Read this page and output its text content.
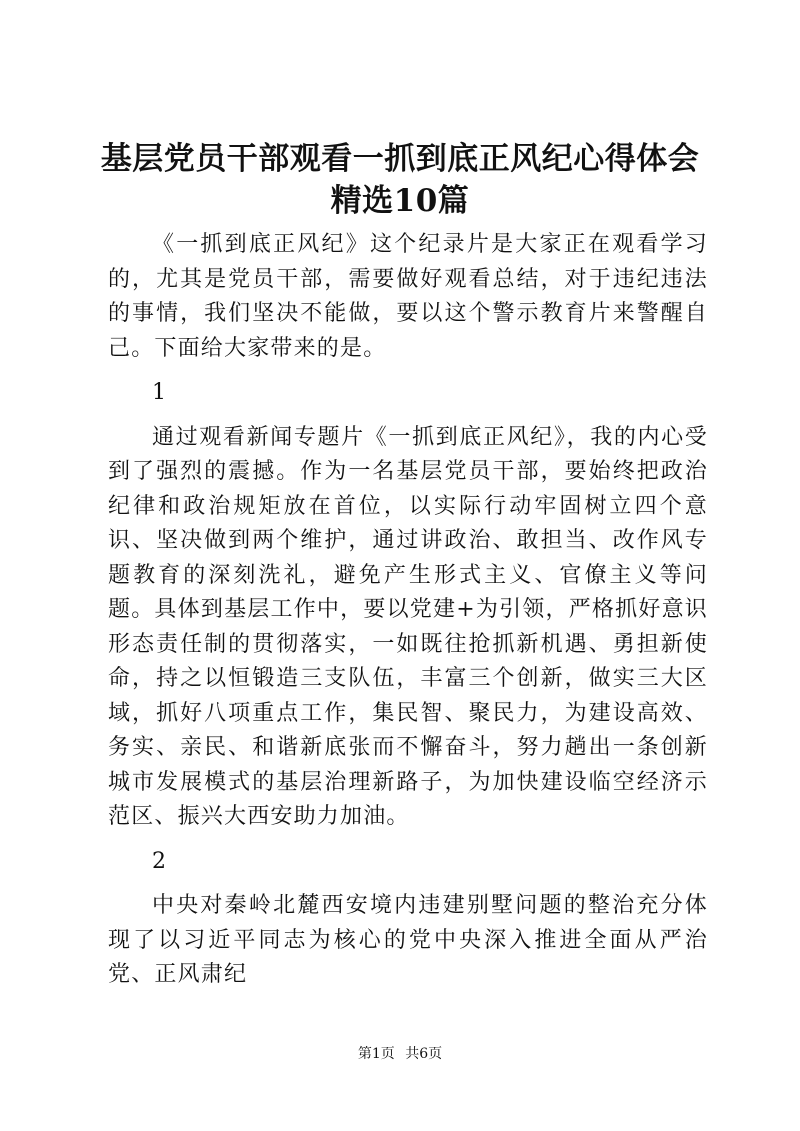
基层党员干部观看一抓到底正风纪心得体会精选10篇

《一抓到底正风纪》这个纪录片是大家正在观看学习的，尤其是党员干部，需要做好观看总结，对于违纪违法的事情，我们坚决不能做，要以这个警示教育片来警醒自己。下面给大家带来的是。

1

通过观看新闻专题片《一抓到底正风纪》，我的内心受到了强烈的震撼。作为一名基层党员干部，要始终把政治纪律和政治规矩放在首位，以实际行动牢固树立四个意识、坚决做到两个维护，通过讲政治、敢担当、改作风专题教育的深刻洗礼，避免产生形式主义、官僚主义等问题。具体到基层工作中，要以党建+为引领，严格抓好意识形态责任制的贯彻落实，一如既往抢抓新机遇、勇担新使命，持之以恒锻造三支队伍，丰富三个创新，做实三大区域，抓好八项重点工作，集民智、聚民力，为建设高效、务实、亲民、和谐新底张而不懈奋斗，努力趟出一条创新城市发展模式的基层治理新路子，为加快建设临空经济示范区、振兴大西安助力加油。

2

中央对秦岭北麓西安境内违建别墅问题的整治充分体现了以习近平同志为核心的党中央深入推进全面从严治党、正风肃纪

第1页 共6页
